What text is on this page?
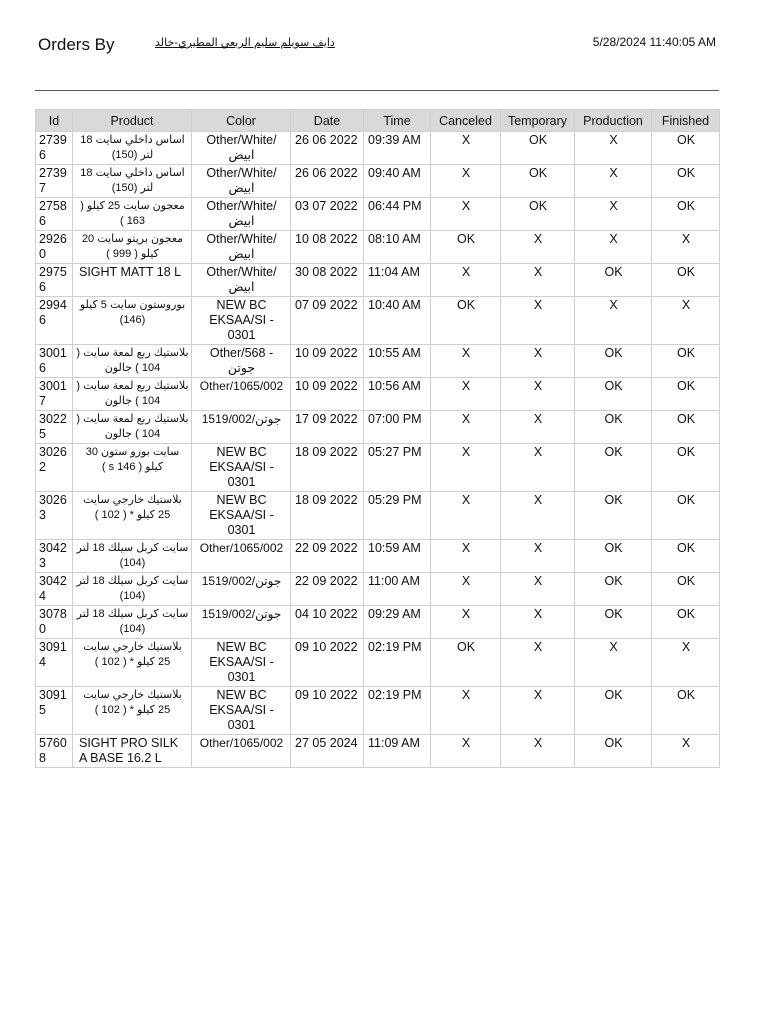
Orders By	دايف سويلم سليم الربعي المطيري-خالد	5/28/2024 11:40:05 AM
Id	Product	Color	Date	Time	Canceled	Temporary	Production	Finished
27396	اساس داخلي سايت 18 لتر (150)	Other/White/ ابيض	26 06 2022	09:39 AM	X	OK	X	OK
27397	اساس داخلي سايت 18 لتر (150)	Other/White/ ابيض	26 06 2022	09:40 AM	X	OK	X	OK
27586	معجون سايت 25 كيلو ( 163 )	Other/White/ ابيض	03 07 2022	06:44 PM	X	OK	X	OK
29260	معجون بريتو سايت 20 كيلو ( 999 )	Other/White/ ابيض	10 08 2022	08:10 AM	OK	X	X	X
29756	SIGHT MATT 18 L	Other/White/ ابيض	30 08 2022	11:04 AM	X	X	OK	OK
29946	بوروستون سايت 5 كيلو (146)	NEW BC EKSAA/SI - 0301	07 09 2022	10:40 AM	OK	X	X	X
30016	بلاستيك ربع لمعة سايت ( 104 ) جالون	Other/568 - جوتن	10 09 2022	10:55 AM	X	X	OK	OK
30017	بلاستيك ربع لمعة سايت ( 104 ) جالون	Other/1065/002	10 09 2022	10:56 AM	X	X	OK	OK
30225	بلاستيك ربع لمعة سايت ( 104 ) جالون	1519/002/جوتن	17 09 2022	07:00 PM	X	X	OK	OK
30262	سايت بورو ستون 30 كيلو ( s 146 )	NEW BC EKSAA/SI - 0301	18 09 2022	05:27 PM	X	X	OK	OK
30263	بلاستيك خارجي سايت 25 كيلو * ( 102 )	NEW BC EKSAA/SI - 0301	18 09 2022	05:29 PM	X	X	OK	OK
30423	سايت كربل سيلك 18 لتر (104)	Other/1065/002	22 09 2022	10:59 AM	X	X	OK	OK
30424	سايت كربل سيلك 18 لتر (104)	1519/002/جوتن	22 09 2022	11:00 AM	X	X	OK	OK
30780	سايت كربل سيلك 18 لتر (104)	1519/002/جوتن	04 10 2022	09:29 AM	X	X	OK	OK
30914	بلاستيك خارجي سايت 25 كيلو * ( 102 )	NEW BC EKSAA/SI - 0301	09 10 2022	02:19 PM	OK	X	X	X
30915	بلاستيك خارجي سايت 25 كيلو * ( 102 )	NEW BC EKSAA/SI - 0301	09 10 2022	02:19 PM	X	X	OK	OK
57608	SIGHT PRO SILK A BASE 16.2 L	Other/1065/002	27 05 2024	11:09 AM	X	X	OK	X
